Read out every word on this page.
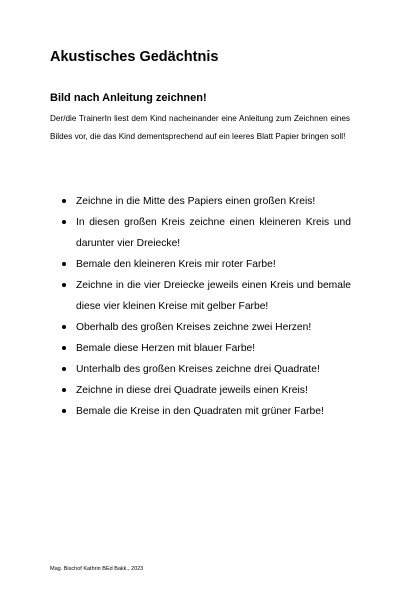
Akustisches Gedächtnis
Bild nach Anleitung zeichnen!

Der/die TrainerIn liest dem Kind nacheinander eine Anleitung zum Zeichnen eines Bildes vor, die das Kind dementsprechend auf ein leeres Blatt Papier bringen soll!

Zeichne in die Mitte des Papiers einen großen Kreis!
In diesen großen Kreis zeichne einen kleineren Kreis und darunter vier Dreiecke!
Bemale den kleineren Kreis mir roter Farbe!
Zeichne in die vier Dreiecke jeweils einen Kreis und bemale diese vier kleinen Kreise mit gelber Farbe!
Oberhalb des großen Kreises zeichne zwei Herzen!
Bemale diese Herzen mit blauer Farbe!
Unterhalb des großen Kreises zeichne drei Quadrate!
Zeichne in diese drei Quadrate jeweils einen Kreis!
Bemale die Kreise in den Quadraten mit grüner Farbe!

Mag. Bischof Kathrin BEd Bakk., 2023
